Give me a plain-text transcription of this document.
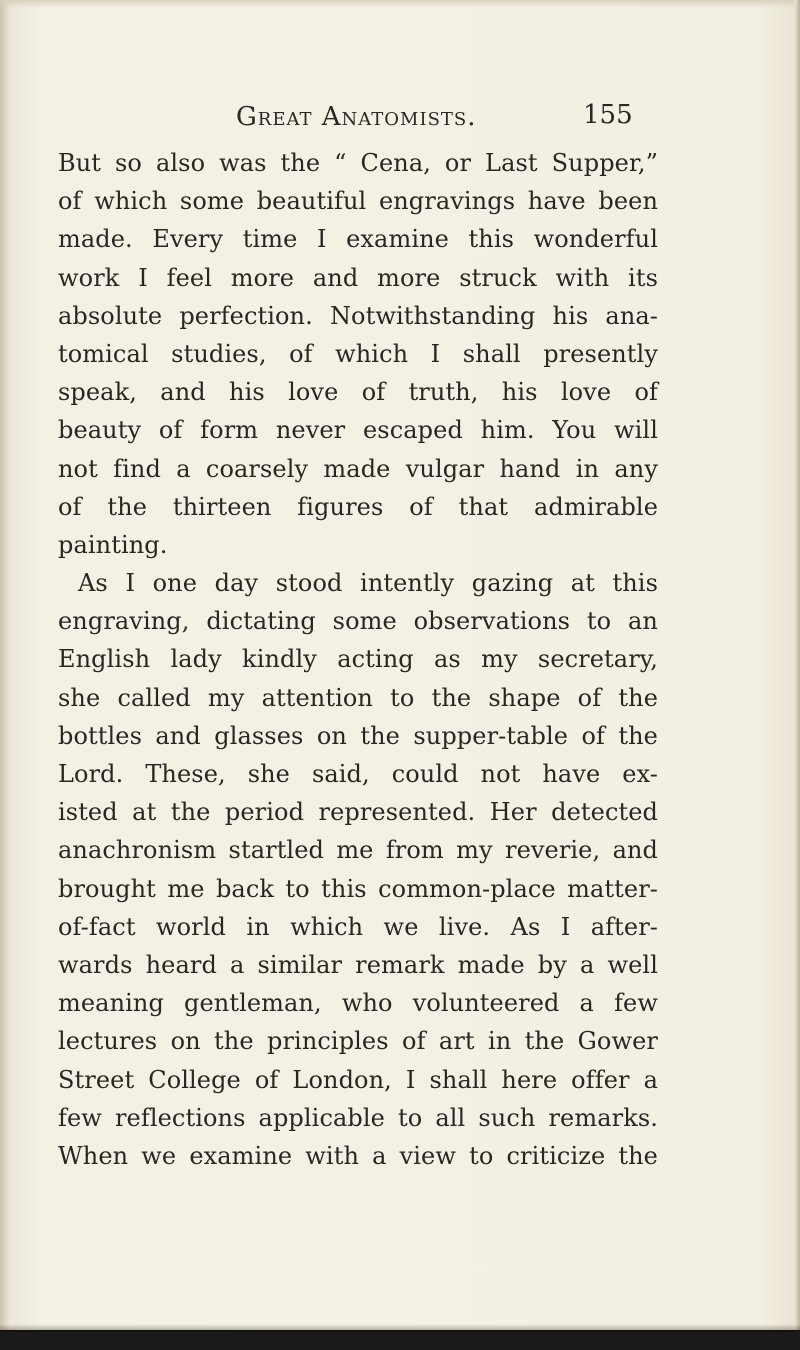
Great Anatomists.	155
But so also was the “ Cena, or Last Supper,”
of which some beautiful engravings have been
made. Every time I examine this wonderful
work I feel more and more struck with its
absolute perfection. Notwithstanding his ana-
tomical studies, of which I shall presently
speak, and his love of truth, his love of
beauty of form never escaped him. You will
not find a coarsely made vulgar hand in any
of the thirteen figures of that admirable
painting.
As I one day stood intently gazing at this
engraving, dictating some observations to an
English lady kindly acting as my secretary,
she called my attention to the shape of the
bottles and glasses on the supper-table of the
Lord. These, she said, could not have ex-
isted at the period represented. Her detected
anachronism startled me from my reverie, and
brought me back to this common-place matter-
of-fact world in which we live. As I after-
wards heard a similar remark made by a well
meaning gentleman, who volunteered a few
lectures on the principles of art in the Gower
Street College of London, I shall here offer a
few reflections applicable to all such remarks.
When we examine with a view to criticize the
